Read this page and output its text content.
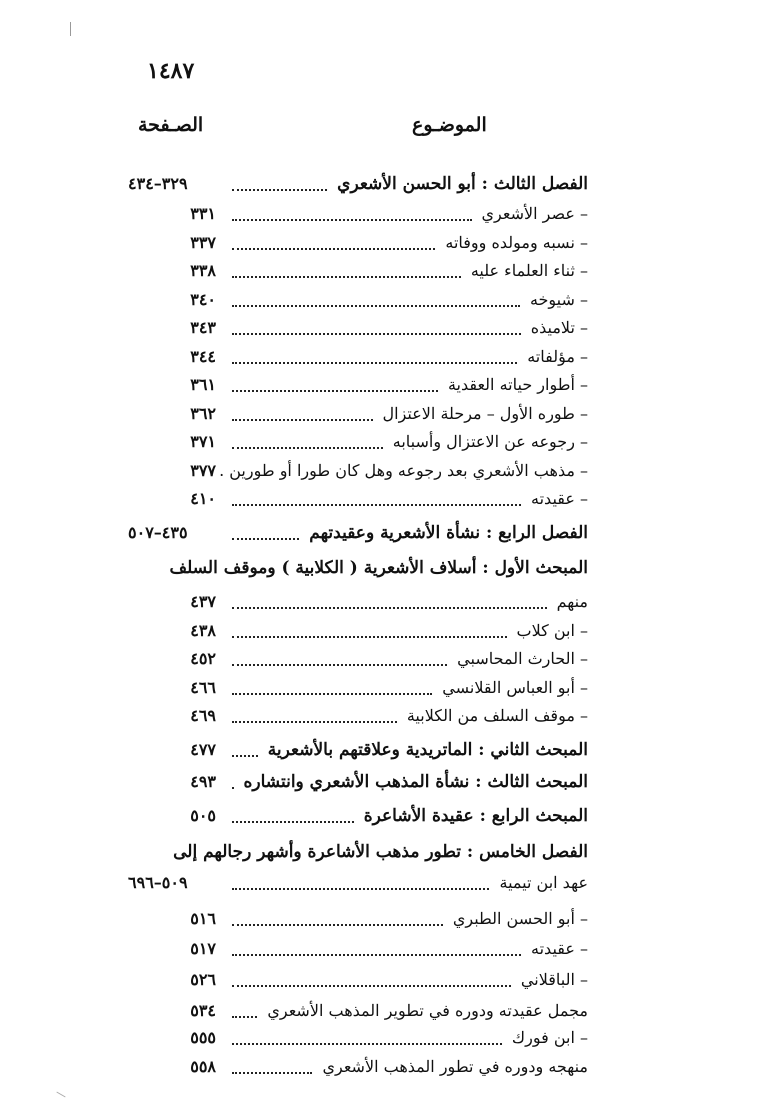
١٤٨٧
الصـفحة	الموضـوع
الفصل الثالث : أبو الحسن الأشعري
٣٢٩–٤٣٤
– عصر الأشعري
٣٣١
– نسبه ومولده ووفاته
٣٣٧
– ثناء العلماء عليه
٣٣٨
– شيوخه
٣٤٠
– تلاميذه
٣٤٣
– مؤلفاته
٣٤٤
– أطوار حياته العقدية
٣٦١
– طوره الأول – مرحلة الاعتزال
٣٦٢
– رجوعه عن الاعتزال وأسبابه
٣٧١
– مذهب الأشعري بعد رجوعه وهل كان طورا أو طورين .
٣٧٧
– عقيدته
٤١٠
الفصل الرابع : نشأة الأشعرية وعقيدتهم
٤٣٥–٥٠٧
المبحث الأول : أسلاف الأشعرية ( الكلابية ) وموقف السلف
منهم
٤٣٧
– ابن كلاب
٤٣٨
– الحارث المحاسبي
٤٥٢
– أبو العباس القلانسي
٤٦٦
– موقف السلف من الكلابية
٤٦٩
المبحث الثاني : الماتريدية وعلاقتهم بالأشعرية
٤٧٧
المبحث الثالث : نشأة المذهب الأشعري وانتشاره
٤٩٣
المبحث الرابع : عقيدة الأشاعرة
٥٠٥
الفصل الخامس : تطور مذهب الأشاعرة وأشهر رجالهم إلى
عهد ابن تيمية
٥٠٩–٦٩٦
– أبو الحسن الطبري
٥١٦
– عقيدته
٥١٧
– الباقلاني
٥٢٦
مجمل عقيدته ودوره في تطوير المذهب الأشعري
٥٣٤
– ابن فورك
٥٥٥
منهجه ودوره في تطور المذهب الأشعري
٥٥٨
